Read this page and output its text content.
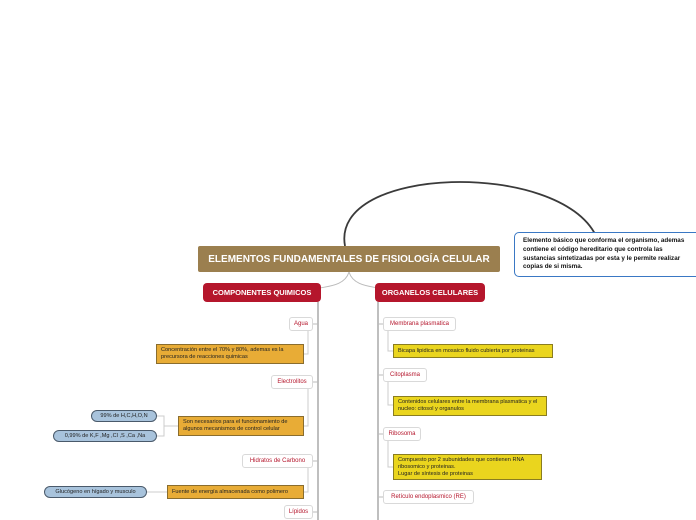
ELEMENTOS FUNDAMENTALES DE FISIOLOGÍA CELULAR
Elemento básico que conforma el organismo, ademas contiene el código hereditario que controla las sustancias sintetizadas por esta y le permite realizar copias de si misma.
COMPONENTES QUIMICOS
Agua
Concentración entre el 70% y 80%, ademas es la precursora de reacciones quimicas
Electrolitos
Son necesarios para el funcionamiento de algunos mecanismos de control celular
99% de H,C,H,O,N
0,99% de K,F ,Mg ,Cl ,S ,Ca ,Na
Hidratos de Carbono
Fuente de energía almacenada como polimero
Glucógeno en hígado y musculo
Lípidos
ORGANELOS CELULARES
Membrana plasmatica
Bicapa lipidica en mosaico fluido cubierta por proteinas
Citoplasma
Contenidos celulares entre la membrana plasmatica y el nucleo: citosol y organulos
Ribosoma
Compuesto por 2 subunidades que contienen RNA ribosomico y proteinas.
Lugar de síntesis de proteinas
Retículo endoplasmico (RE)
